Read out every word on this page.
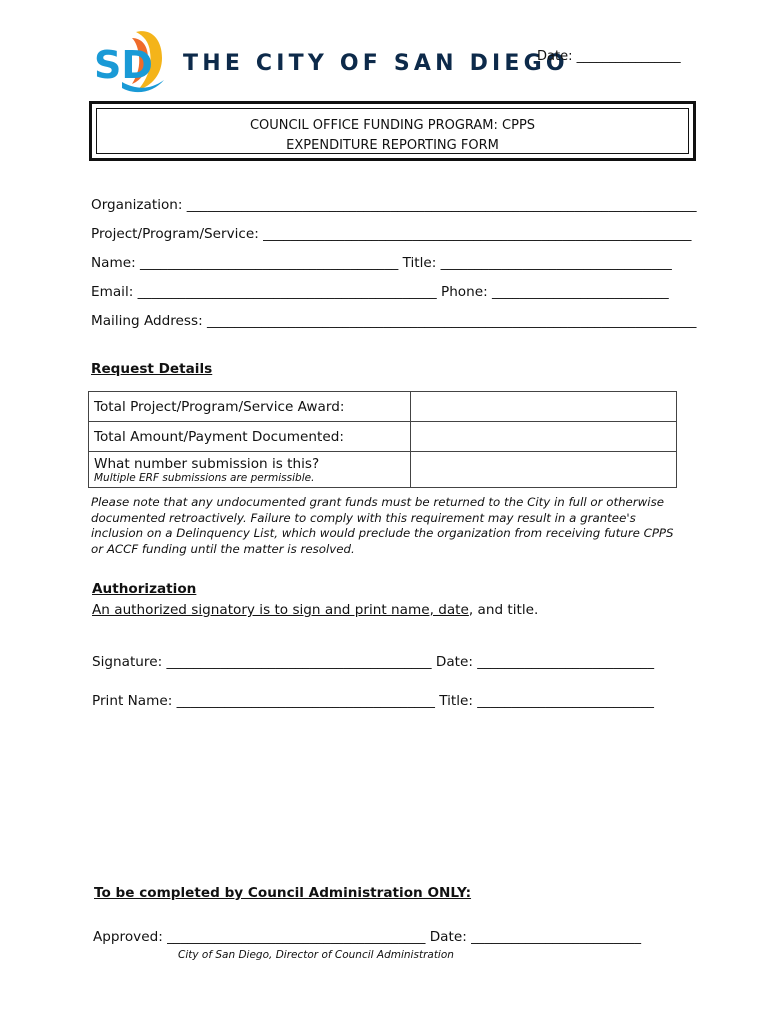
SD THE CITY OF SAN DIEGO
Date: ________________
COUNCIL OFFICE FUNDING PROGRAM: CPPS
EXPENDITURE REPORTING FORM
Organization: ___________________________________________________________________________
Project/Program/Service: _______________________________________________________________
Name: ______________________________________ Title: __________________________________
Email: ____________________________________________ Phone: __________________________
Mailing Address: ________________________________________________________________________
Request Details
Total Project/Program/Service Award:	
Total Amount/Payment Documented:	

What number submission is this?
Multiple ERF submissions are permissible.	

Please note that any undocumented grant funds must be returned to the City in full or otherwise documented retroactively. Failure to comply with this requirement may result in a grantee's inclusion on a Delinquency List, which would preclude the organization from receiving future CPPS or ACCF funding until the matter is resolved.
Authorization
An authorized signatory is to sign and print name, date, and title.
Signature: _______________________________________ Date: __________________________
Print Name: ______________________________________ Title: __________________________
To be completed by Council Administration ONLY:
Approved: ______________________________________ Date: _________________________
City of San Diego, Director of Council Administration
